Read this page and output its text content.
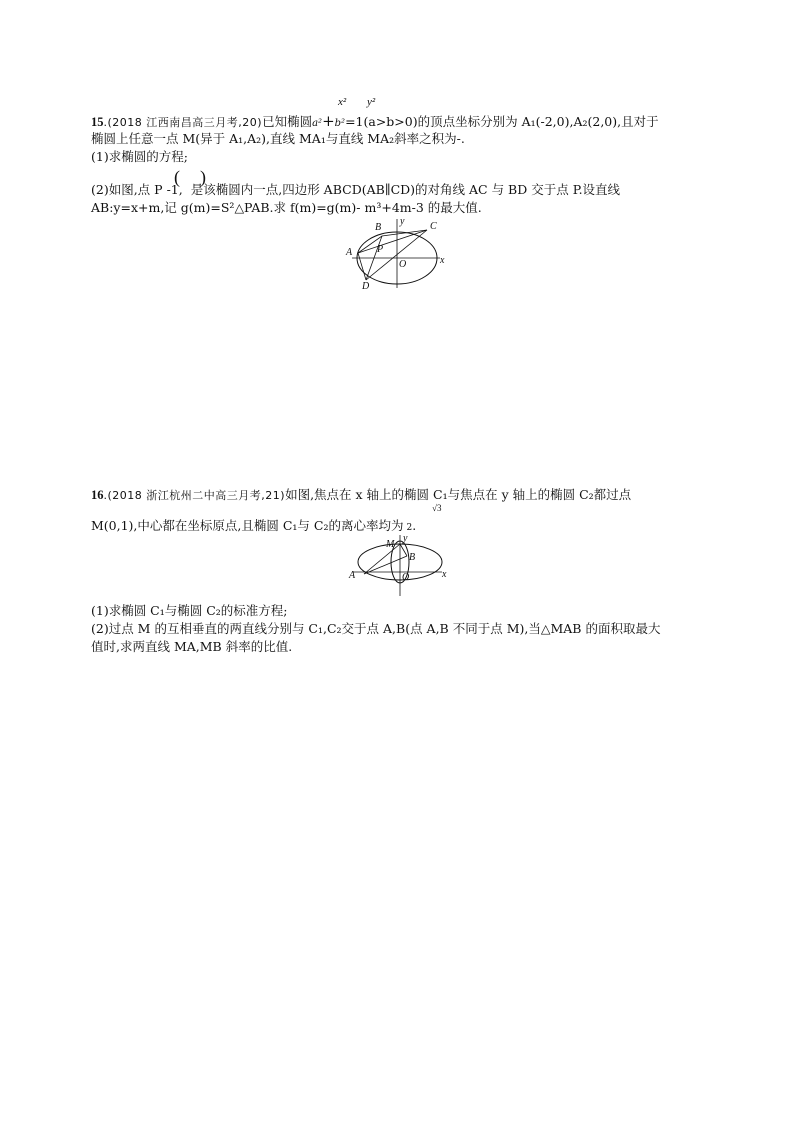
x² y²
15.(2018 江西南昌高三月考,20)已知椭圆a²+b²=1(a>b>0)的顶点坐标分别为 A₁(-2,0),A₂(2,0),且对于
椭圆上任意一点 M(异于 A₁,A₂),直线 MA₁与直线 MA₂斜率之积为-.
(1)求椭圆的方程;
( )
(2)如图,点 P -1, 是该椭圆内一点,四边形 ABCD(AB∥CD)的对角线 AC 与 BD 交于点 P.设直线
AB:y=x+m,记 g(m)=S²△PAB.求 f(m)=g(m)- m³+4m-3 的最大值.
A
B	C
D
P
O	x
y
16.(2018 浙江杭州二中高三月考,21)如图,焦点在 x 轴上的椭圆 C₁与焦点在 y 轴上的椭圆 C₂都过点
√3
M(0,1),中心都在坐标原点,且椭圆 C₁与 C₂的离心率均为 2.
M
A
B
O	x
y
(1)求椭圆 C₁与椭圆 C₂的标准方程;
(2)过点 M 的互相垂直的两直线分别与 C₁,C₂交于点 A,B(点 A,B 不同于点 M),当△MAB 的面积取最大
值时,求两直线 MA,MB 斜率的比值.
